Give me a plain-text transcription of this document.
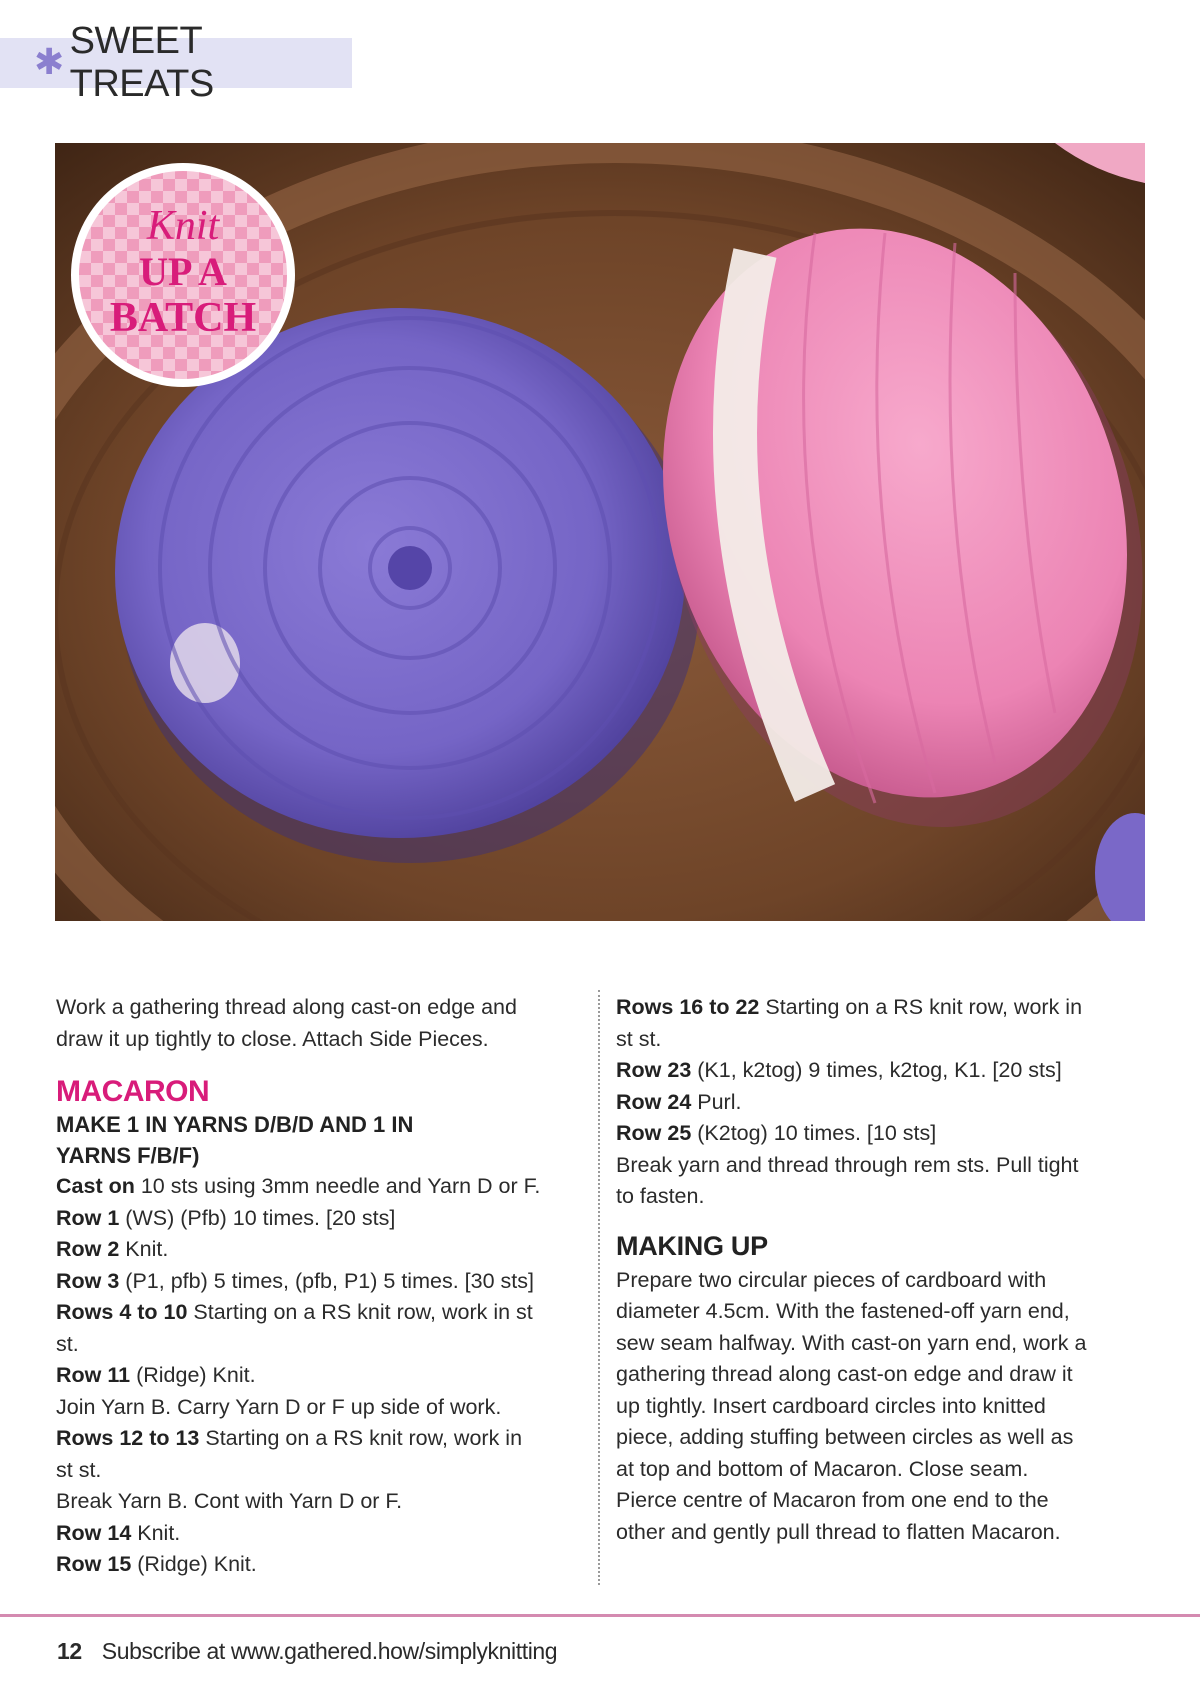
✱
SWEET TREATS
Knit
UP A
BATCH
Work a gathering thread along cast-on edge and
draw it up tightly to close. Attach Side Pieces.
MACARON
MAKE 1 IN YARNS D/B/D AND 1 IN
YARNS F/B/F)
Cast on 10 sts using 3mm needle and Yarn D or F.
Row 1 (WS) (Pfb) 10 times. [20 sts]
Row 2 Knit.
Row 3 (P1, pfb) 5 times, (pfb, P1) 5 times. [30 sts]
Rows 4 to 10 Starting on a RS knit row, work in st
st.
Row 11 (Ridge) Knit.
Join Yarn B. Carry Yarn D or F up side of work.
Rows 12 to 13 Starting on a RS knit row, work in
st st.
Break Yarn B. Cont with Yarn D or F.
Row 14 Knit.
Row 15 (Ridge) Knit.
Rows 16 to 22 Starting on a RS knit row, work in
st st.
Row 23 (K1, k2tog) 9 times, k2tog, K1. [20 sts]
Row 24 Purl.
Row 25 (K2tog) 10 times. [10 sts]
Break yarn and thread through rem sts. Pull tight
to fasten.
MAKING UP
Prepare two circular pieces of cardboard with
diameter 4.5cm. With the fastened-off yarn end,
sew seam halfway. With cast-on yarn end, work a
gathering thread along cast-on edge and draw it
up tightly. Insert cardboard circles into knitted
piece, adding stuffing between circles as well as
at top and bottom of Macaron. Close seam.
Pierce centre of Macaron from one end to the
other and gently pull thread to flatten Macaron.
12 Subscribe at www.gathered.how/simplyknitting
